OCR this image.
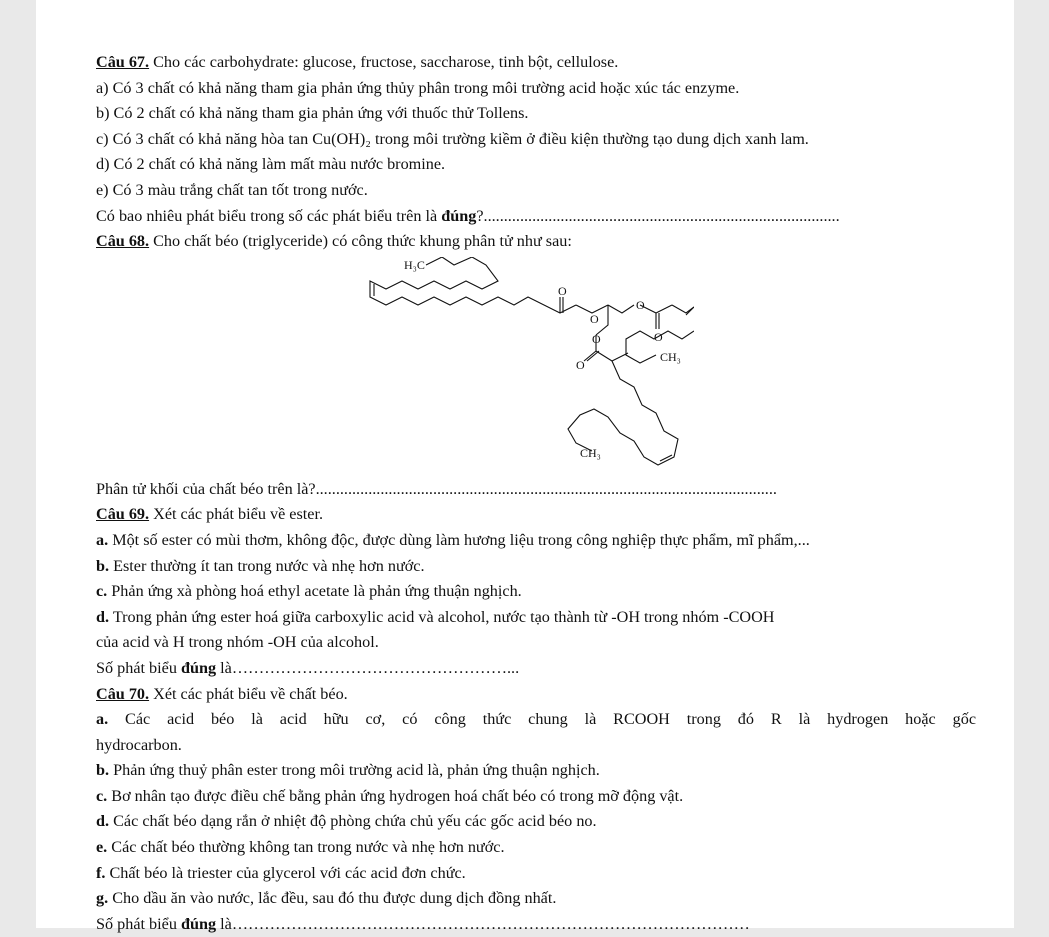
Câu 67. Cho các carbohydrate: glucose, fructose, saccharose, tinh bột, cellulose.
a) Có 3 chất có khả năng tham gia phản ứng thủy phân trong môi trường acid hoặc xúc tác enzyme.
b) Có 2 chất có khả năng tham gia phản ứng với thuốc thử Tollens.
c) Có 3 chất có khả năng hòa tan Cu(OH)₂ trong môi trường kiềm ở điều kiện thường tạo dung dịch xanh lam.
d) Có 2 chất có khả năng làm mất màu nước bromine.
e) Có 3 màu trắng chất tan tốt trong nước.
Có bao nhiêu phát biểu trong số các phát biểu trên là đúng?........................................................................................
Câu 68. Cho chất béo (triglyceride) có công thức khung phân tử như sau:
H₃C
O
O
O
O
O
O
CH₃
CH₃
Phân tử khối của chất béo trên là?..................................................................................................................
Câu 69. Xét các phát biểu về ester.
a. Một số ester có mùi thơm, không độc, được dùng làm hương liệu trong công nghiệp thực phẩm, mĩ phẩm,...
b. Ester thường ít tan trong nước và nhẹ hơn nước.
c. Phản ứng xà phòng hoá ethyl acetate là phản ứng thuận nghịch.
d. Trong phản ứng ester hoá giữa carboxylic acid và alcohol, nước tạo thành từ -OH trong nhóm -COOH
của acid và H trong nhóm -OH của alcohol.
Số phát biểu đúng là……………………………………………...
Câu 70. Xét các phát biểu về chất béo.
a. Các acid béo là acid hữu cơ, có công thức chung là RCOOH trong đó R là hydrogen hoặc gốc
hydrocarbon.
b. Phản ứng thuỷ phân ester trong môi trường acid là, phản ứng thuận nghịch.
c. Bơ nhân tạo được điều chế bằng phản ứng hydrogen hoá chất béo có trong mỡ động vật.
d. Các chất béo dạng rắn ở nhiệt độ phòng chứa chủ yếu các gốc acid béo no.
e. Các chất béo thường không tan trong nước và nhẹ hơn nước.
f. Chất béo là triester của glycerol với các acid đơn chức.
g. Cho dầu ăn vào nước, lắc đều, sau đó thu được dung dịch đồng nhất.
Số phát biểu đúng là……………………………………………………………………………………
